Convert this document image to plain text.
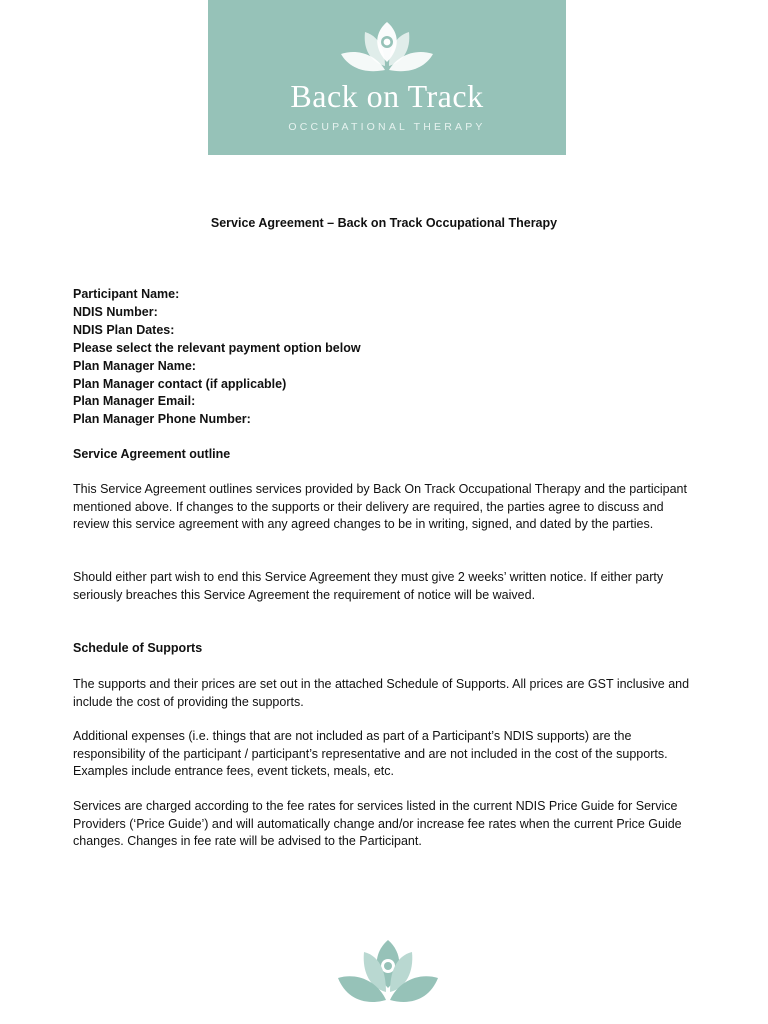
Back on Track
OCCUPATIONAL THERAPY
Service Agreement – Back on Track Occupational Therapy
Participant Name:
NDIS Number:
NDIS Plan Dates:
Please select the relevant payment option below
Plan Manager Name:
Plan Manager contact (if applicable)
Plan Manager Email:
Plan Manager Phone Number:
Service Agreement outline

This Service Agreement outlines services provided by Back On Track Occupational Therapy and the participant mentioned above. If changes to the supports or their delivery are required, the parties agree to discuss and review this service agreement with any agreed changes to be in writing, signed, and dated by the parties.

Should either part wish to end this Service Agreement they must give 2 weeks’ written notice. If either party seriously breaches this Service Agreement the requirement of notice will be waived.

Schedule of Supports

The supports and their prices are set out in the attached Schedule of Supports. All prices are GST inclusive and include the cost of providing the supports.

Additional expenses (i.e. things that are not included as part of a Participant’s NDIS supports) are the responsibility of the participant / participant’s representative and are not included in the cost of the supports. Examples include entrance fees, event tickets, meals, etc.

Services are charged according to the fee rates for services listed in the current NDIS Price Guide for Service Providers (‘Price Guide’) and will automatically change and/or increase fee rates when the current Price Guide changes. Changes in fee rate will be advised to the Participant.
